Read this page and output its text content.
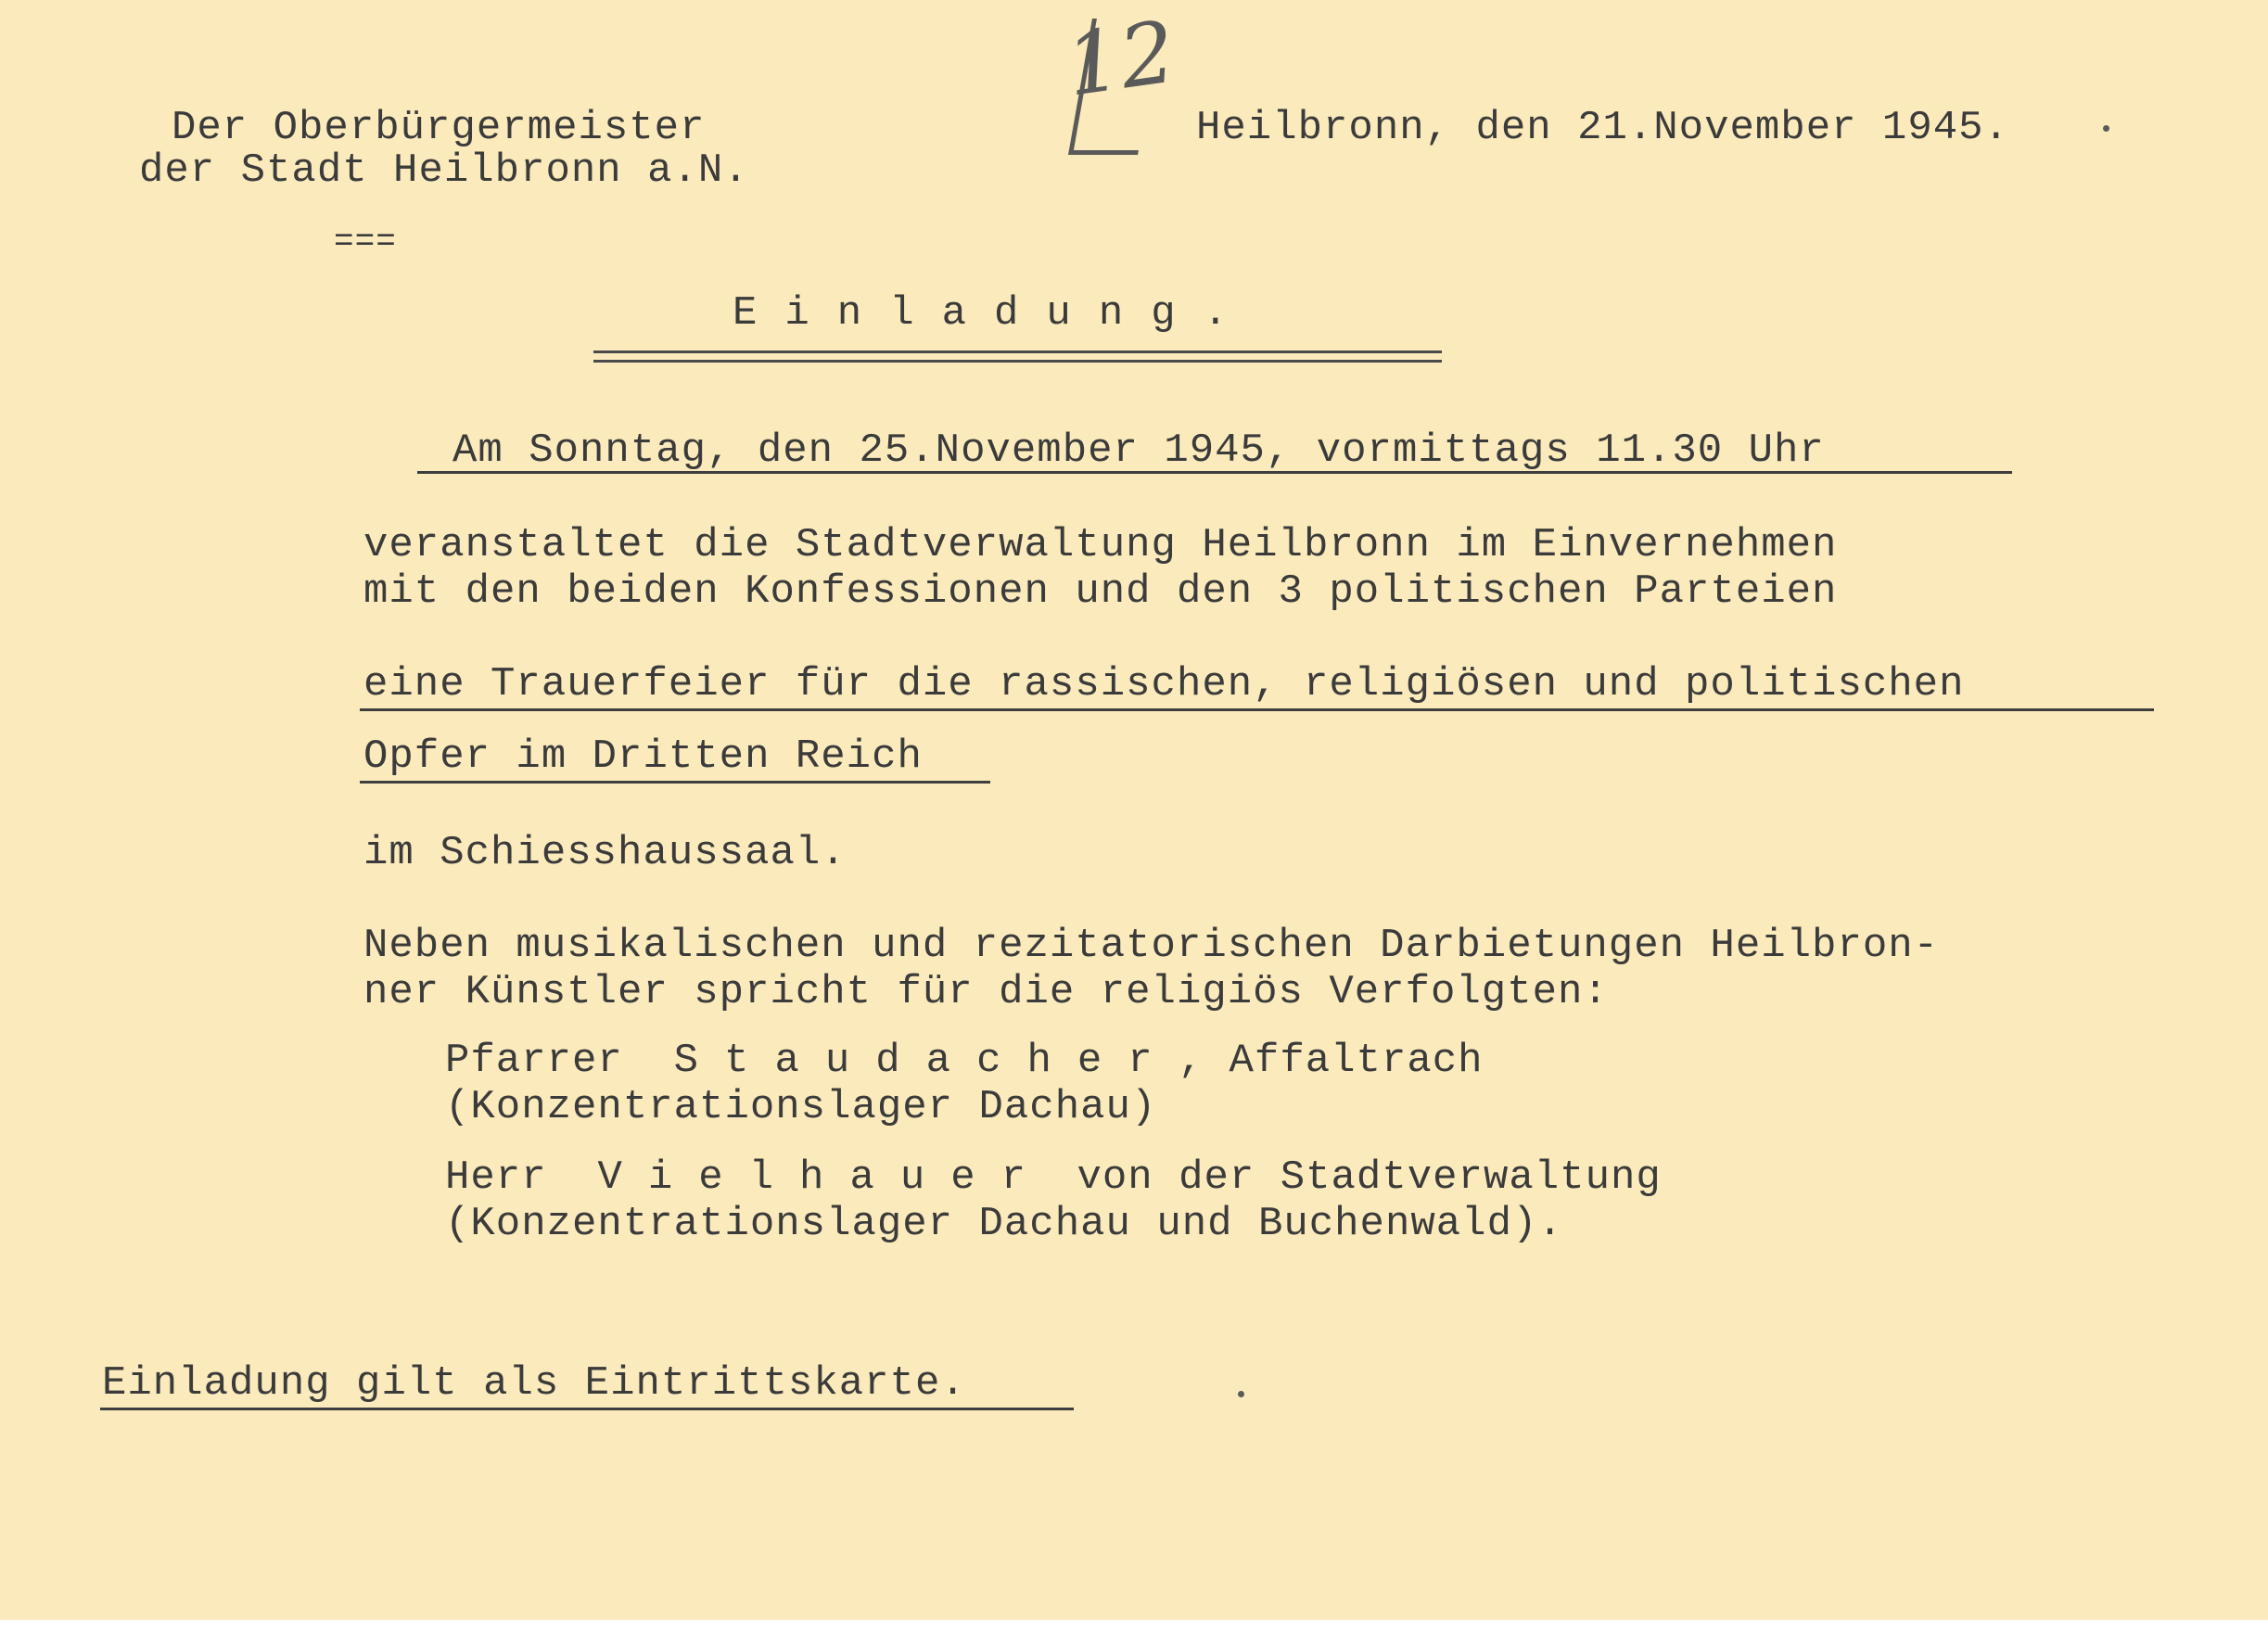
12
Der Oberbürgermeister
der Stadt Heilbronn a.N.
===
Heilbronn, den 21.November 1945.
Einladung.
Am Sonntag, den 25.November 1945, vormittags 11.30 Uhr
veranstaltet die Stadtverwaltung Heilbronn im Einvernehmen
mit den beiden Konfessionen und den 3 politischen Parteien
eine Trauerfeier für die rassischen, religiösen und politischen
Opfer im Dritten Reich
im Schiesshaussaal.
Neben musikalischen und rezitatorischen Darbietungen Heilbron-
ner Künstler spricht für die religiös Verfolgten:
Pfarrer Staudacher, Affaltrach
(Konzentrationslager Dachau)
Herr Vielhauer von der Stadtverwaltung
(Konzentrationslager Dachau und Buchenwald).
Einladung gilt als Eintrittskarte.
